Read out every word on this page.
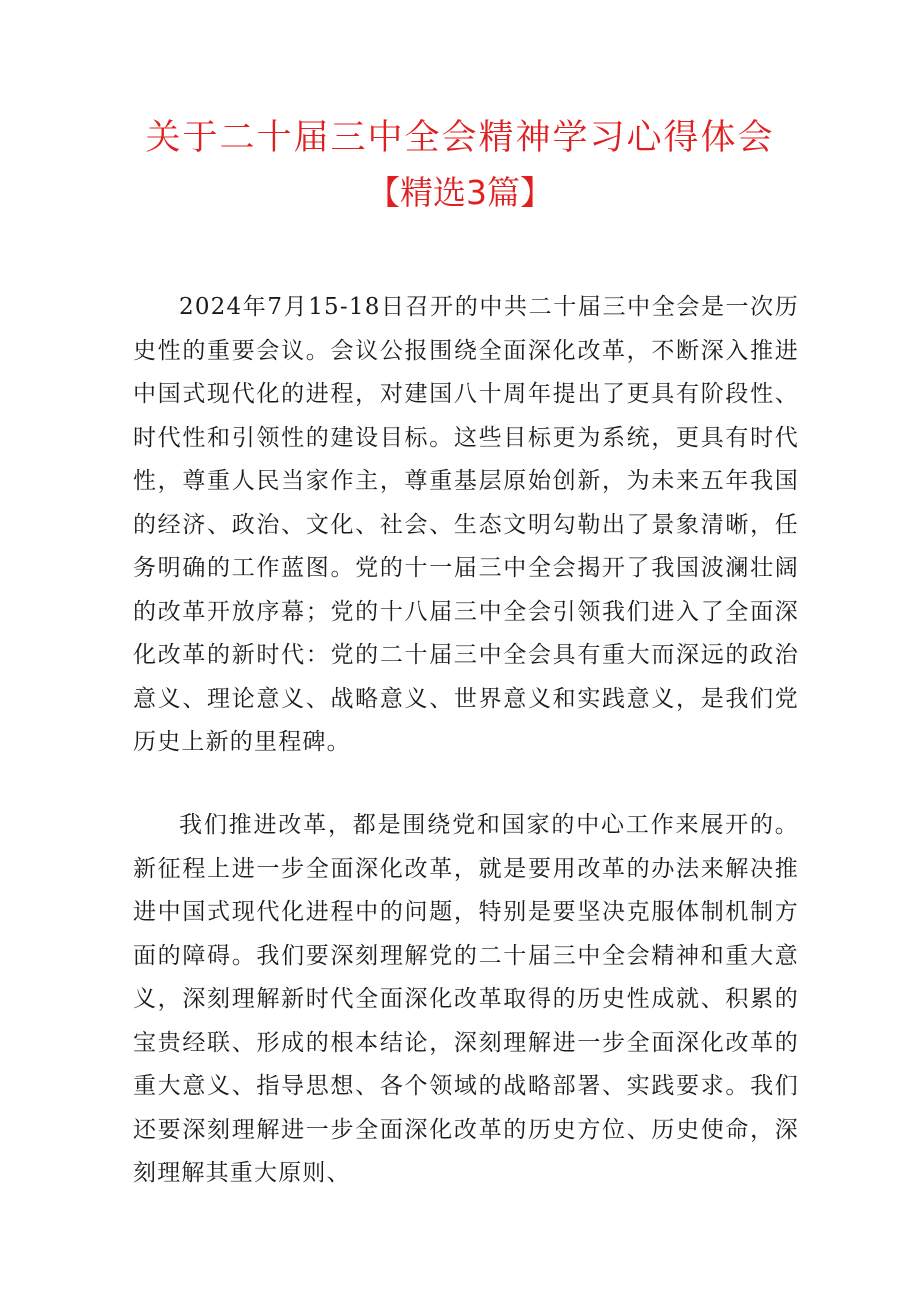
关于二十届三中全会精神学习心得体会
【精选3篇】

2024年7月15-18日召开的中共二十届三中全会是一次历史性的重要会议。会议公报围绕全面深化改革，不断深入推进中国式现代化的进程，对建国八十周年提出了更具有阶段性、时代性和引领性的建设目标。这些目标更为系统，更具有时代性，尊重人民当家作主，尊重基层原始创新，为未来五年我国的经济、政治、文化、社会、生态文明勾勒出了景象清晰，任务明确的工作蓝图。党的十一届三中全会揭开了我国波澜壮阔的改革开放序幕；党的十八届三中全会引领我们进入了全面深化改革的新时代：党的二十届三中全会具有重大而深远的政治意义、理论意义、战略意义、世界意义和实践意义，是我们党历史上新的里程碑。

我们推进改革，都是围绕党和国家的中心工作来展开的。新征程上进一步全面深化改革，就是要用改革的办法来解决推进中国式现代化进程中的问题，特别是要坚决克服体制机制方面的障碍。我们要深刻理解党的二十届三中全会精神和重大意义，深刻理解新时代全面深化改革取得的历史性成就、积累的宝贵经联、形成的根本结论，深刻理解进一步全面深化改革的重大意义、指导思想、各个领域的战略部署、实践要求。我们还要深刻理解进一步全面深化改革的历史方位、历史使命，深刻理解其重大原则、
